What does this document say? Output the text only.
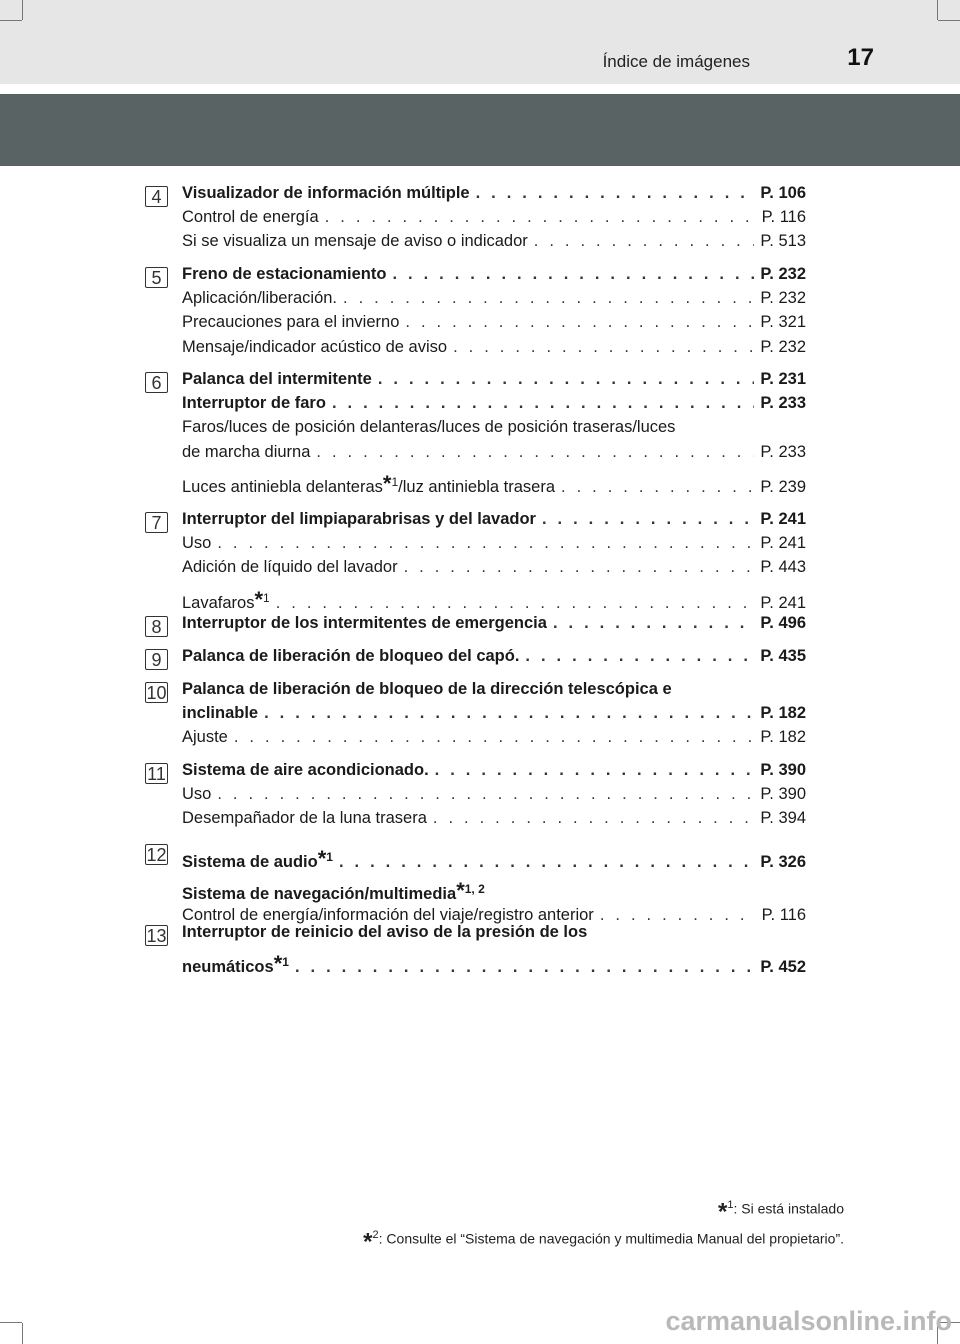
Índice de imágenes	17
4	Visualizador de información múltiple . . .	P. 106
Control de energía . . .	P. 116
Si se visualiza un mensaje de aviso o indicador . . .	P. 513
5	Freno de estacionamiento . . .	P. 232
Aplicación/liberación. . . .	P. 232
Precauciones para el invierno . . .	P. 321
Mensaje/indicador acústico de aviso . . .	P. 232
6	Palanca del intermitente . . .	P. 231
Interruptor de faro . . .	P. 233
Faros/luces de posición delanteras/luces de posición traseras/luces
de marcha diurna . . .	P. 233
Luces antiniebla delanteras$^{*1}$/luz antiniebla trasera . . .	P. 239
7	Interruptor del limpiaparabrisas y del lavador . . .	P. 241
Uso . . .	P. 241
Adición de líquido del lavador . . .	P. 443
Lavafaros$^{*1}$ . . .	P. 241
8	Interruptor de los intermitentes de emergencia . . .	P. 496
9	Palanca de liberación de bloqueo del capó. . . .	P. 435
10 Palanca de liberación de bloqueo de la dirección telescópica e
inclinable . . .	P. 182
Ajuste . . .	P. 182
11 Sistema de aire acondicionado. . . .	P. 390
Uso . . .	P. 390
Desempañador de la luna trasera . . .	P. 394
12 Sistema de audio$^{*1}$ . . .	P. 326
Sistema de navegación/multimedia$^{*1, 2}$
Control de energía/información del viaje/registro anterior . . .	P. 116
13 Interruptor de reinicio del aviso de la presión de los
neumáticos$^{*1}$ . . .	P. 452
*$^1$: Si está instalado
*$^2$: Consulte el “Sistema de navegación y multimedia Manual del propietario”.
carmanualsonline.info
